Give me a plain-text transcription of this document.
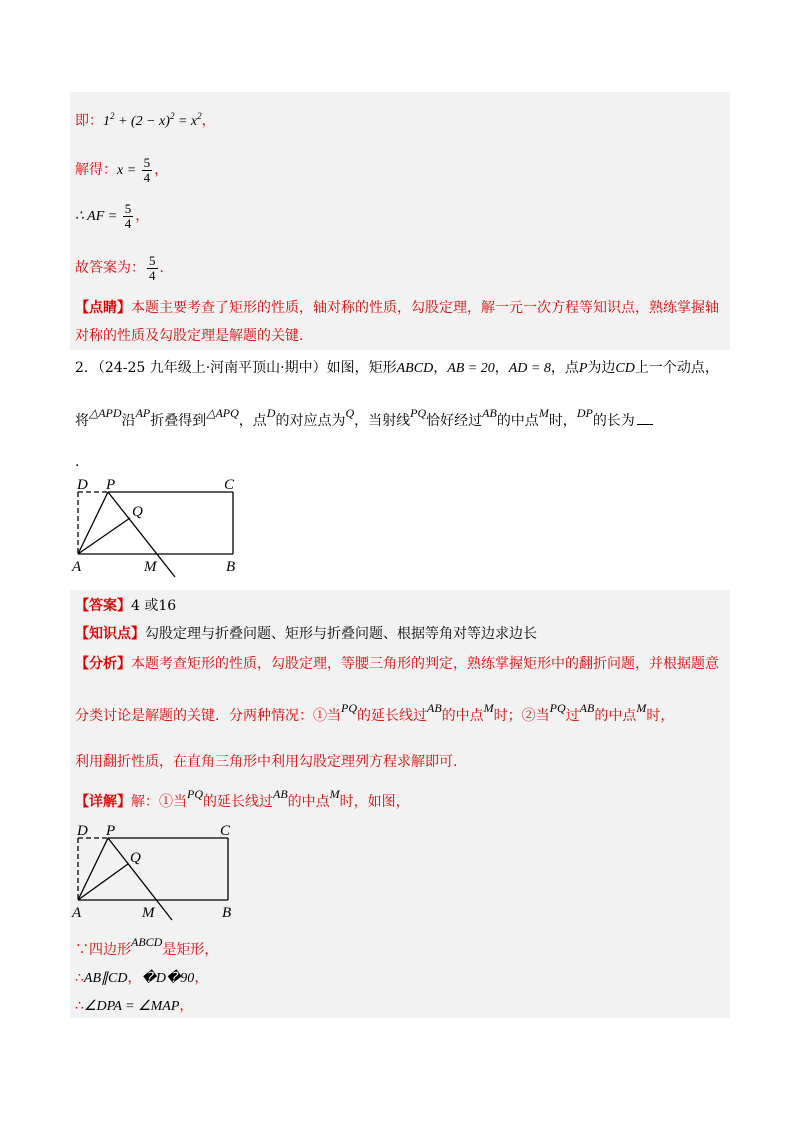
即：$1^2 + (2 - x)^2 = x^2$，
解得：$x = \frac{5}{4}$ ，
∴ AF = $\frac{5}{4}$ ，
故答案为： $\frac{5}{4}$ .
【点睛】本题主要考查了矩形的性质，轴对称的性质，勾股定理，解一元一次方程等知识点，熟练掌握轴
对称的性质及勾股定理是解题的关键.
2．（24-25 九年级上·河南平顶山·期中）如图，矩形ABCD，AB = 20，AD = 8，点P为边CD上一个动点，
将△APD沿AP折叠得到△APQ，点D的对应点为Q，当射线PQ恰好经过AB的中点M时，DP的长为
.
D P	C
Q
A	M	B
【答案】4 或16
【知识点】勾股定理与折叠问题、矩形与折叠问题、根据等角对等边求边长
【分析】本题考查矩形的性质，勾股定理，等腰三角形的判定，熟练掌握矩形中的翻折问题，并根据题意
分类讨论是解题的关键．分两种情况：①当PQ的延长线过AB的中点M时；②当PQ过AB的中点M时，
利用翻折性质，在直角三角形中利用勾股定理列方程求解即可.
【详解】解：①当PQ的延长线过AB的中点M时，如图，
D P	C
Q
A	M	B
∵四边形ABCD是矩形，
∴AB∥CD，�D�90，
∴∠DPA = ∠MAP，
